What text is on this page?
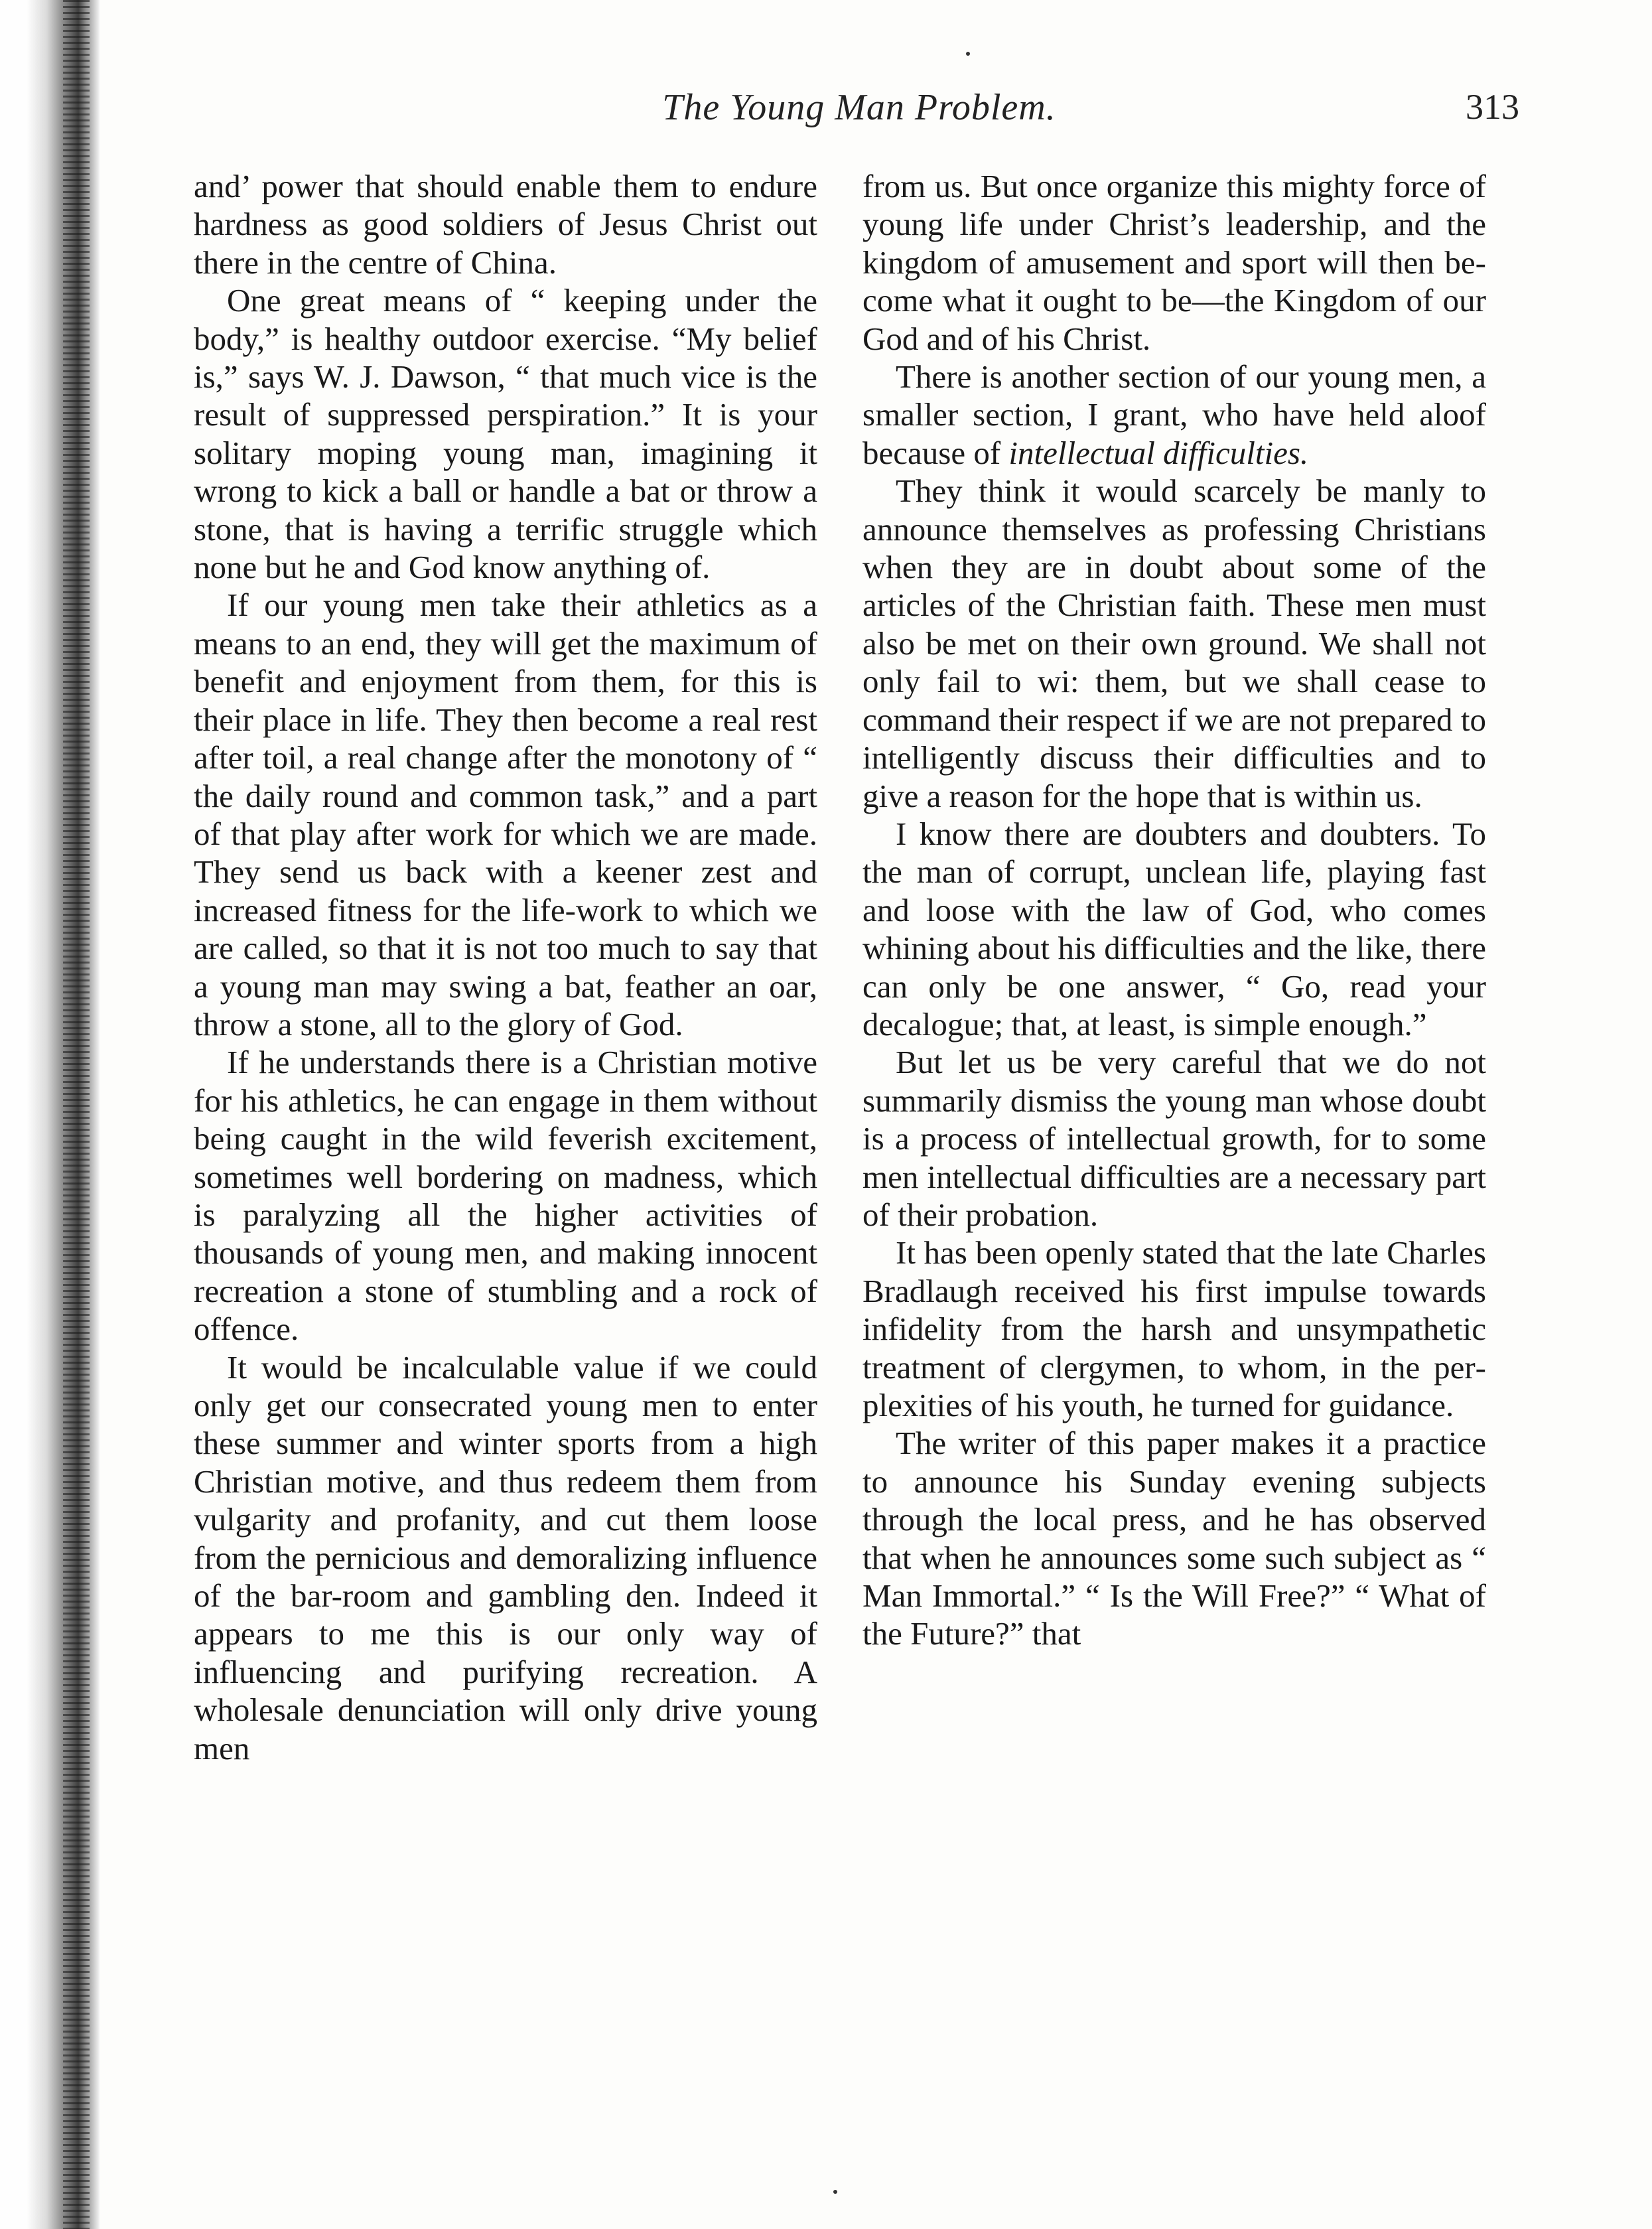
The Young Man Problem.	313

and’ power that should enable them to endure hardness as good soldiers of Jesus Christ out there in the centre of China.

One great means of “ keeping under the body,” is healthy outdoor exercise. “My belief is,” says W. J. Dawson, “ that much vice is the result of suppressed perspiration.” It is your solitary moping young man, imagining it wrong to kick a ball or handle a bat or throw a stone, that is having a terrific struggle which none but he and God know anything of.

If our young men take their athletics as a means to an end, they will get the maximum of benefit and enjoyment from them, for this is their place in life. They then become a real rest after toil, a real change after the monotony of “ the daily round and common task,” and a part of that play after work for which we are made. They send us back with a keener zest and increased fitness for the life-work to which we are called, so that it is not too much to say that a young man may swing a bat, feather an oar, throw a stone, all to the glory of God.

If he understands there is a Christian motive for his athletics, he can engage in them without being caught in the wild feverish excitement, sometimes well bordering on madness, which is paralyzing all the higher activities of thousands of young men, and making innocent recreation a stone of stumbling and a rock of offence.

It would be incalculable value if we could only get our consecrated young men to enter these summer and winter sports from a high Christian motive, and thus redeem them from vulgarity and profanity, and cut them loose from the pernicious and demoralizing influence of the bar-room and gambling den. Indeed it appears to me this is our only way of influencing and purifying recreation. A wholesale denunciation will only drive young men

from us. But once organize this mighty force of young life under Christ’s leadership, and the kingdom of amusement and sport will then become what it ought to be—the Kingdom of our God and of his Christ.

There is another section of our young men, a smaller section, I grant, who have held aloof because of intellectual difficulties.

They think it would scarcely be manly to announce themselves as professing Christians when they are in doubt about some of the articles of the Christian faith. These men must also be met on their own ground. We shall not only fail to wi: them, but we shall cease to command their respect if we are not prepared to intelligently discuss their difficulties and to give a reason for the hope that is within us.

I know there are doubters and doubters. To the man of corrupt, unclean life, playing fast and loose with the law of God, who comes whining about his difficulties and the like, there can only be one answer, “ Go, read your decalogue; that, at least, is simple enough.”

But let us be very careful that we do not summarily dismiss the young man whose doubt is a process of intellectual growth, for to some men intellectual difficulties are a necessary part of their probation.

It has been openly stated that the late Charles Bradlaugh received his first impulse towards infidelity from the harsh and unsympathetic treatment of clergymen, to whom, in the perplexities of his youth, he turned for guidance.

The writer of this paper makes it a practice to announce his Sunday evening subjects through the local press, and he has observed that when he announces some such subject as “ Man Immortal.” “ Is the Will Free?” “ What of the Future?” that
